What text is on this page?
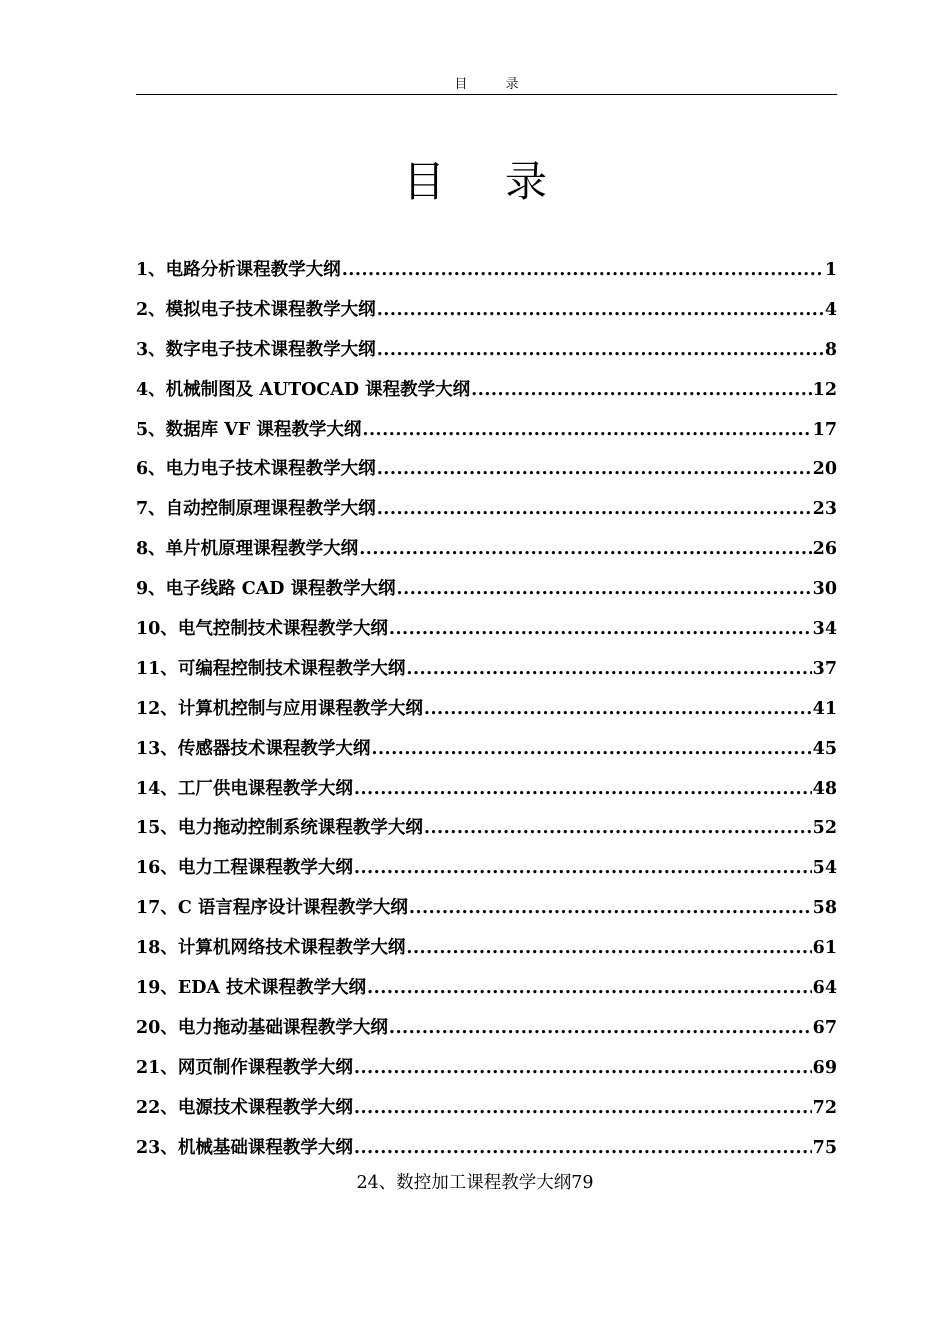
目录
目录
1、电路分析课程教学大纲 .....	1
2、模拟电子技术课程教学大纲 .....	4
3、数字电子技术课程教学大纲 .....	8
4、机械制图及 AUTOCAD 课程教学大纲 .....	12
5、数据库 VF 课程教学大纲 .....	17
6、电力电子技术课程教学大纲 .....	20
7、自动控制原理课程教学大纲 .....	23
8、单片机原理课程教学大纲 .....	26
9、电子线路 CAD 课程教学大纲 .....	30
10、电气控制技术课程教学大纲 .....	34
11、可编程控制技术课程教学大纲 .....	37
12、计算机控制与应用课程教学大纲 .....	41
13、传感器技术课程教学大纲 .....	45
14、工厂供电课程教学大纲 .....	48
15、电力拖动控制系统课程教学大纲 .....	52
16、电力工程课程教学大纲 .....	54
17、C 语言程序设计课程教学大纲 .....	58
18、计算机网络技术课程教学大纲 .....	61
19、EDA 技术课程教学大纲 .....	64
20、电力拖动基础课程教学大纲 .....	67
21、网页制作课程教学大纲 .....	69
22、电源技术课程教学大纲 .....	72
23、机械基础课程教学大纲 .....	75
24、数控加工课程教学大纲79
